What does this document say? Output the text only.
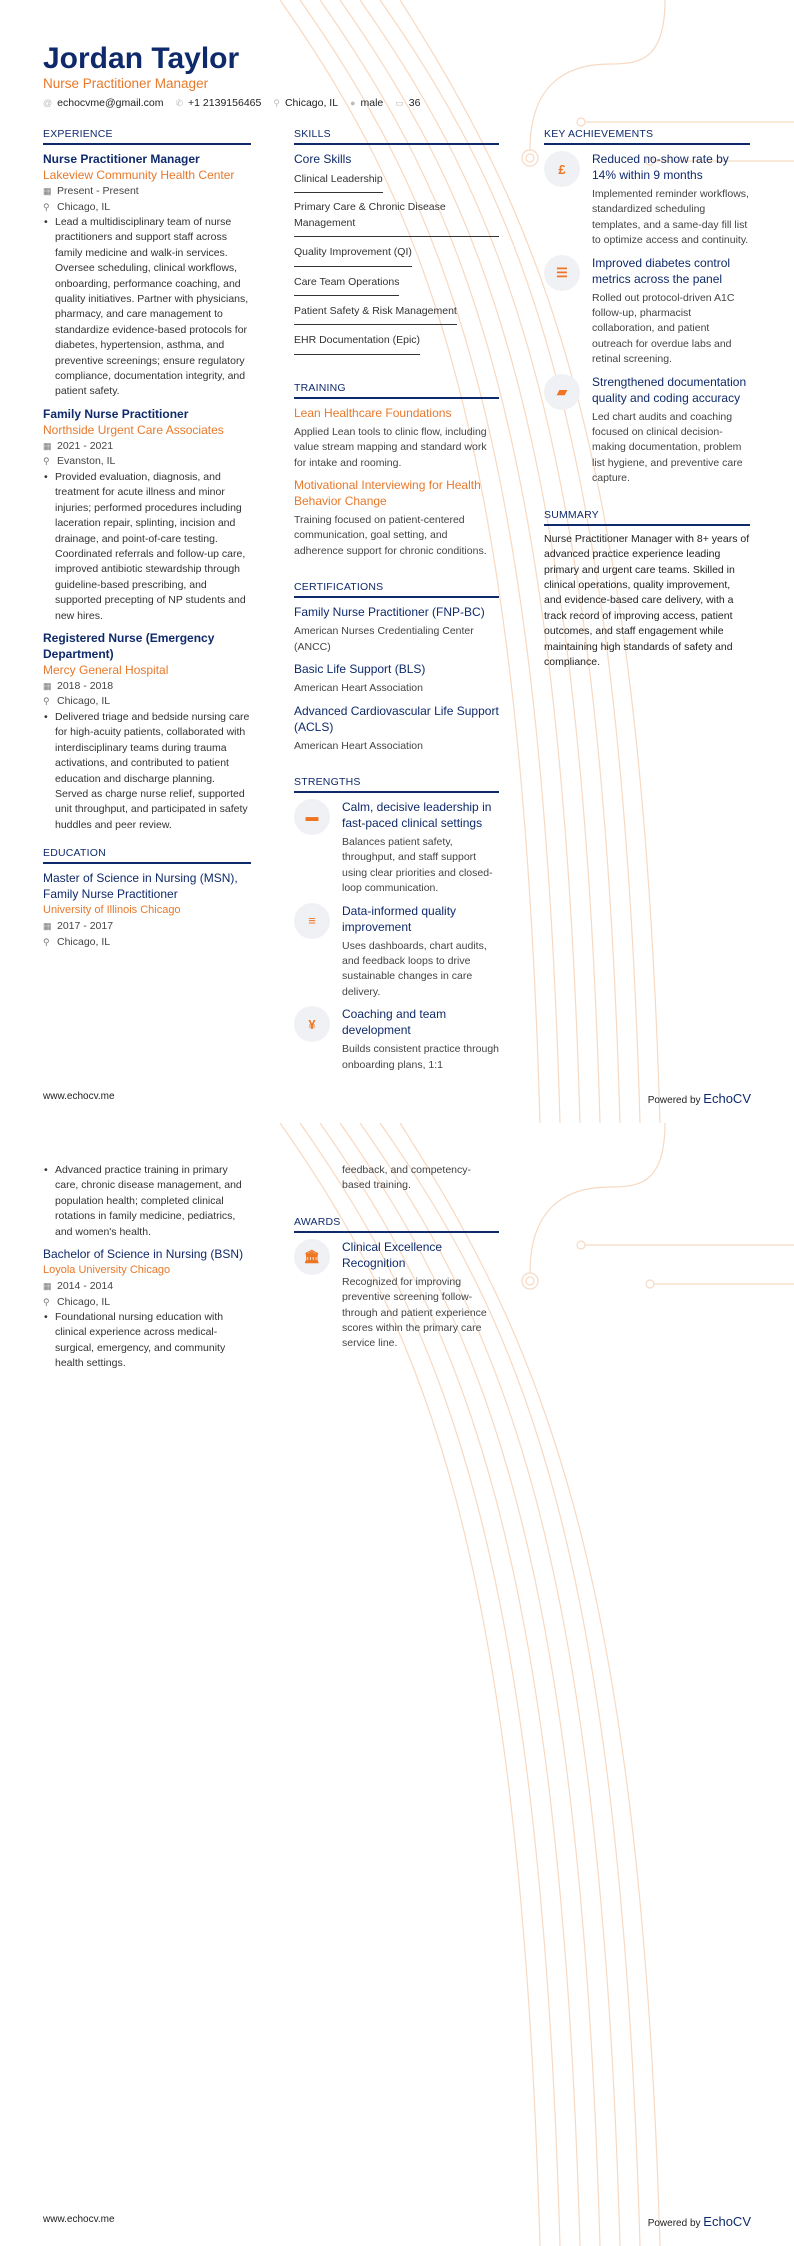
Jordan Taylor
Nurse Practitioner Manager
@ echocvme@gmail.com ✆ +1 2139156465 ⚲ Chicago, IL ● male ▭ 36
EXPERIENCE
Nurse Practitioner Manager
Lakeview Community Health Center
▦ Present - Present
⚲ Chicago, IL
• Lead a multidisciplinary team of nurse practitioners and support staff across family medicine and walk-in services. Oversee scheduling, clinical workflows, onboarding, performance coaching, and quality initiatives. Partner with physicians, pharmacy, and care management to standardize evidence-based protocols for diabetes, hypertension, asthma, and preventive screenings; ensure regulatory compliance, documentation integrity, and patient safety.
Family Nurse Practitioner
Northside Urgent Care Associates
▦ 2021 - 2021
⚲ Evanston, IL
• Provided evaluation, diagnosis, and treatment for acute illness and minor injuries; performed procedures including laceration repair, splinting, incision and drainage, and point-of-care testing. Coordinated referrals and follow-up care, improved antibiotic stewardship through guideline-based prescribing, and supported precepting of NP students and new hires.
Registered Nurse (Emergency Department)
Mercy General Hospital
▦ 2018 - 2018
⚲ Chicago, IL
• Delivered triage and bedside nursing care for high-acuity patients, collaborated with interdisciplinary teams during trauma activations, and contributed to patient education and discharge planning. Served as charge nurse relief, supported unit throughput, and participated in safety huddles and peer review.
EDUCATION
Master of Science in Nursing (MSN), Family Nurse Practitioner
University of Illinois Chicago
▦ 2017 - 2017
⚲ Chicago, IL
SKILLS
Core Skills
Clinical Leadership
Primary Care & Chronic Disease Management
Quality Improvement (QI)
Care Team Operations
Patient Safety & Risk Management
EHR Documentation (Epic)
TRAINING
Lean Healthcare Foundations
Applied Lean tools to clinic flow, including value stream mapping and standard work for intake and rooming.
Motivational Interviewing for Health Behavior Change
Training focused on patient-centered communication, goal setting, and adherence support for chronic conditions.
CERTIFICATIONS
Family Nurse Practitioner (FNP-BC)
American Nurses Credentialing Center (ANCC)
Basic Life Support (BLS)
American Heart Association
Advanced Cardiovascular Life Support (ACLS)
American Heart Association
STRENGTHS
▬
Calm, decisive leadership in fast-paced clinical settings
Balances patient safety, throughput, and staff support using clear priorities and closed-loop communication.
≡
Data-informed quality improvement
Uses dashboards, chart audits, and feedback loops to drive sustainable changes in care delivery.
¥
Coaching and team development
Builds consistent practice through onboarding plans, 1:1
KEY ACHIEVEMENTS
£
Reduced no-show rate by 14% within 9 months
Implemented reminder workflows, standardized scheduling templates, and a same-day fill list to optimize access and continuity.
☰
Improved diabetes control metrics across the panel
Rolled out protocol-driven A1C follow-up, pharmacist collaboration, and patient outreach for overdue labs and retinal screening.
▰
Strengthened documentation quality and coding accuracy
Led chart audits and coaching focused on clinical decision-making documentation, problem list hygiene, and preventive care capture.
SUMMARY
Nurse Practitioner Manager with 8+ years of advanced practice experience leading primary and urgent care teams. Skilled in clinical operations, quality improvement, and evidence-based care delivery, with a track record of improving access, patient outcomes, and staff engagement while maintaining high standards of safety and compliance.
www.echocv.me	Powered by EchoCV
• Advanced practice training in primary care, chronic disease management, and population health; completed clinical rotations in family medicine, pediatrics, and women's health.
Bachelor of Science in Nursing (BSN)
Loyola University Chicago
▦ 2014 - 2014
⚲ Chicago, IL
• Foundational nursing education with clinical experience across medical-surgical, emergency, and community health settings.
feedback, and competency-based training.
AWARDS
🏛
Clinical Excellence Recognition
Recognized for improving preventive screening follow-through and patient experience scores within the primary care service line.
www.echocv.me	Powered by EchoCV
